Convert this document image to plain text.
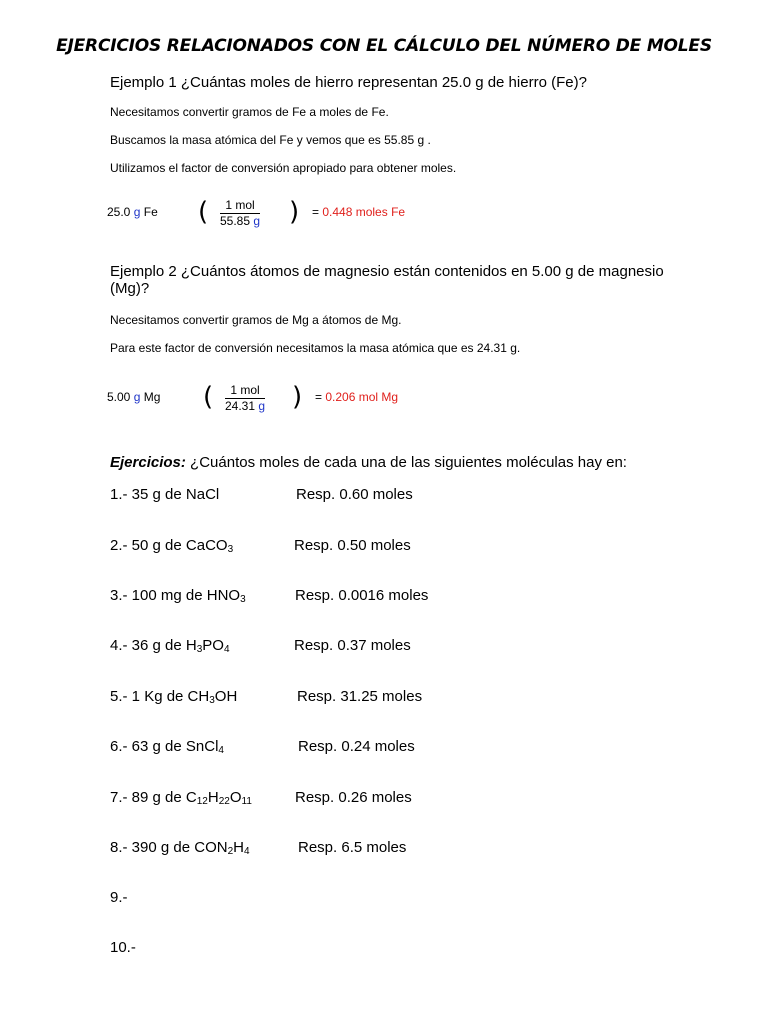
EJERCICIOS RELACIONADOS CON EL CÁLCULO DEL NÚMERO DE MOLES
Ejemplo 1 ¿Cuántas moles de hierro representan 25.0 g de hierro (Fe)?
Necesitamos convertir gramos de Fe a moles de Fe.
Buscamos la masa atómica del Fe y vemos que es 55.85 g .
Utilizamos el factor de conversión apropiado para obtener moles.
25.0 g Fe (	1 mol
55.85 g ) = 0.448 moles Fe
Ejemplo 2 ¿Cuántos átomos de magnesio están contenidos en 5.00 g de magnesio
(Mg)?
Necesitamos convertir gramos de Mg a átomos de Mg.
Para este factor de conversión necesitamos la masa atómica que es 24.31 g.
5.00 g Mg (	1 mol
24.31 g ) = 0.206 mol Mg
Ejercicios: ¿Cuántos moles de cada una de las siguientes moléculas hay en:
1.- 35 g de NaCl	Resp. 0.60 moles
2.- 50 g de CaCO$_3$	Resp. 0.50 moles
3.- 100 mg de $HNO_3$	Resp. 0.0016 moles
4.- 36 g de $H_3PO_4$	Resp. 0.37 moles
5.- 1 Kg de $CH_3OH$	Resp. 31.25 moles
6.- 63 g de SnCl$_4$	Resp. 0.24 moles
7.- 89 g de $C_{12}H_{22}O_{11}$	Resp. 0.26 moles
8.- 390 g de $CON_2H_4$	Resp. 6.5 moles
9.-
10.-
